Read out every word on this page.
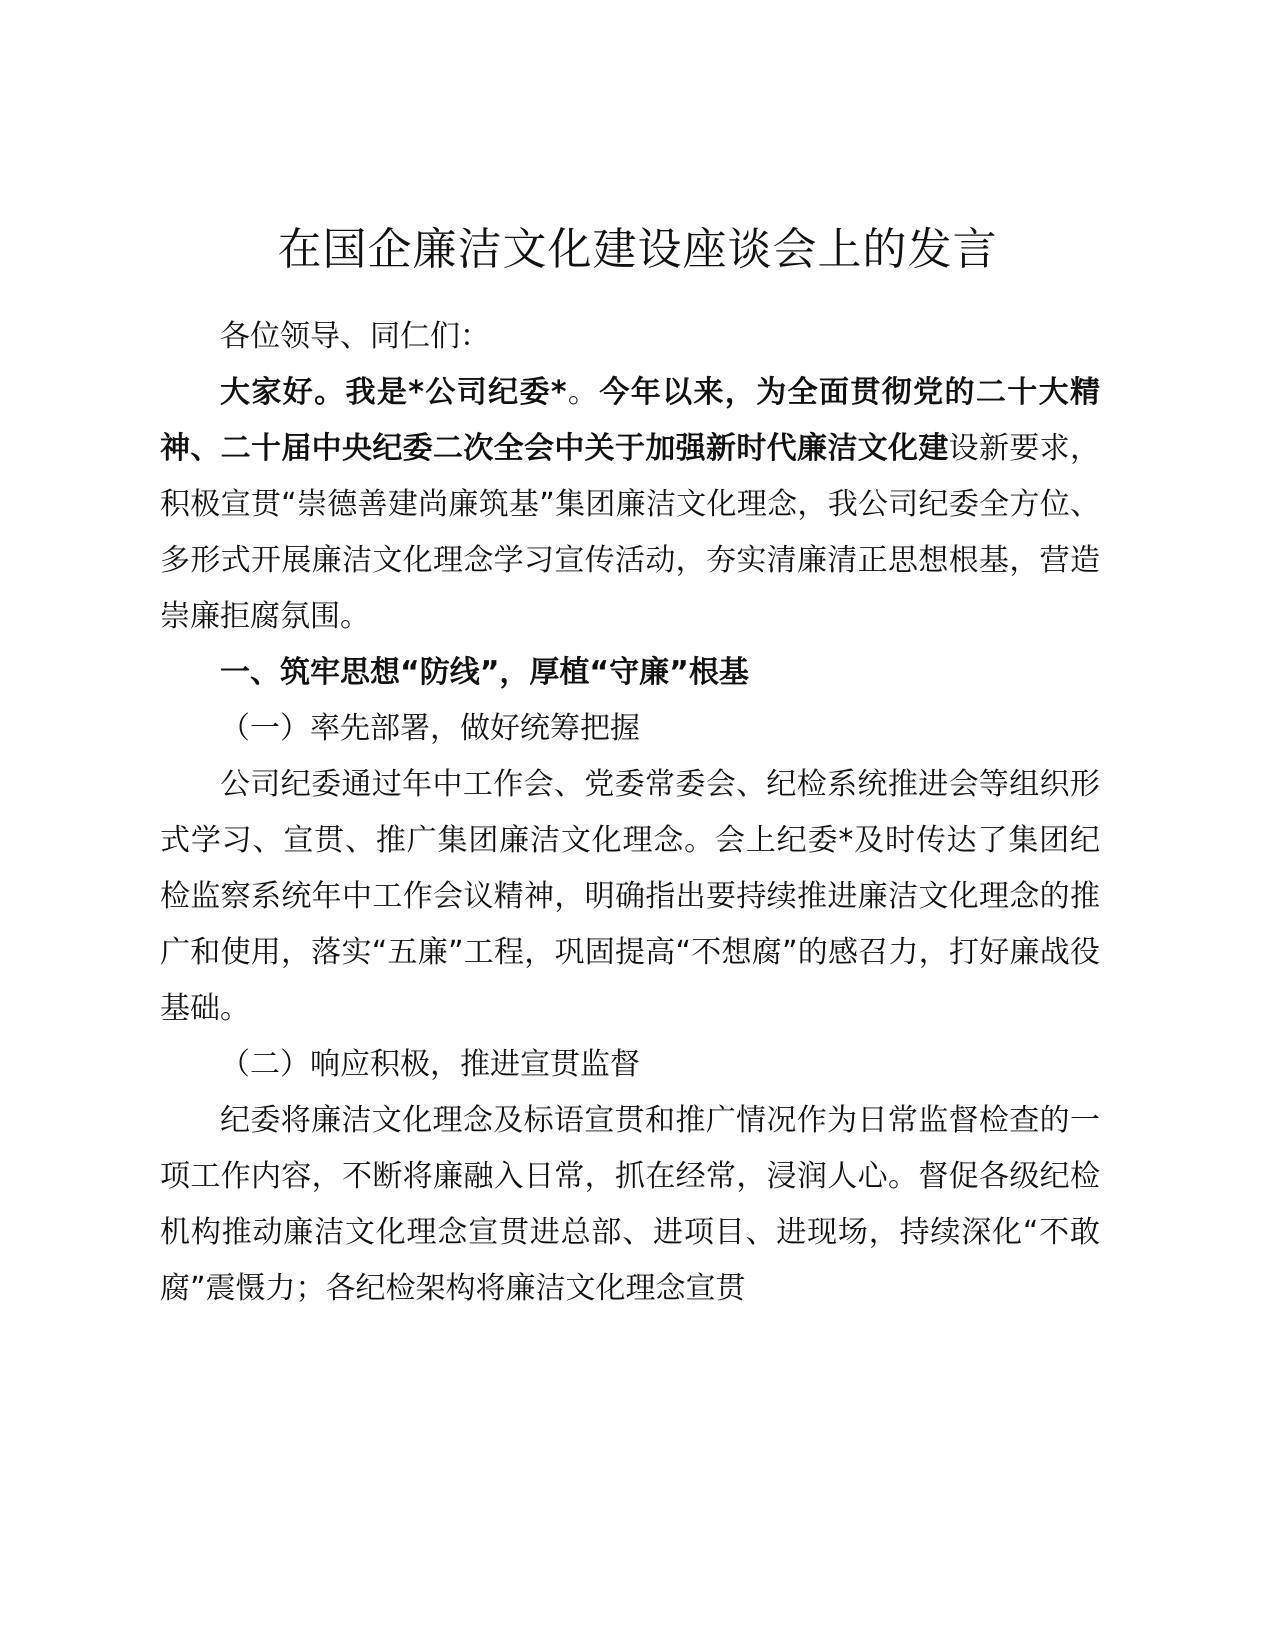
在国企廉洁文化建设座谈会上的发言

各位领导、同仁们：

大家好。我是*公司纪委*。今年以来，为全面贯彻党的二十大精神、二十届中央纪委二次全会中关于加强新时代廉洁文化建设新要求，积极宣贯“崇德善建尚廉筑基”集团廉洁文化理念，我公司纪委全方位、多形式开展廉洁文化理念学习宣传活动，夯实清廉清正思想根基，营造崇廉拒腐氛围。

一、筑牢思想“防线”，厚植“守廉”根基

（一）率先部署，做好统筹把握

公司纪委通过年中工作会、党委常委会、纪检系统推进会等组织形式学习、宣贯、推广集团廉洁文化理念。会上纪委*及时传达了集团纪检监察系统年中工作会议精神，明确指出要持续推进廉洁文化理念的推广和使用，落实“五廉”工程，巩固提高“不想腐”的感召力，打好廉战役基础。

（二）响应积极，推进宣贯监督

纪委将廉洁文化理念及标语宣贯和推广情况作为日常监督检查的一项工作内容，不断将廉融入日常，抓在经常，浸润人心。督促各级纪检机构推动廉洁文化理念宣贯进总部、进项目、进现场，持续深化“不敢腐”震慑力；各纪检架构将廉洁文化理念宣贯
